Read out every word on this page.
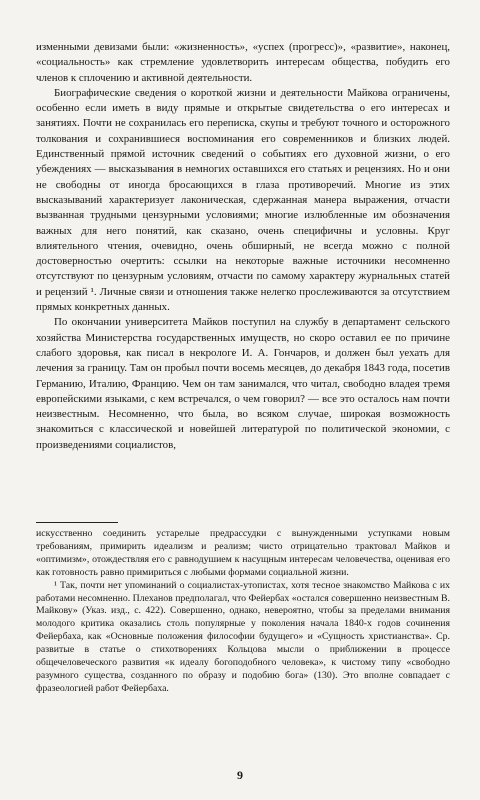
изменными девизами были: «жизненность», «успех (прогресс)», «развитие», наконец, «социальность» как стремление удовлетворить интересам общества, побудить его членов к сплочению и активной деятельности.

Биографические сведения о короткой жизни и деятельности Майкова ограничены, особенно если иметь в виду прямые и открытые свидетельства о его интересах и занятиях. Почти не сохранилась его переписка, скупы и требуют точного и осторожного толкования и сохранившиеся воспоминания его современников и близких людей. Единственный прямой источник сведений о событиях его духовной жизни, о его убеждениях — высказывания в немногих оставшихся его статьях и рецензиях. Но и они не свободны от иногда бросающихся в глаза противоречий. Многие из этих высказываний характеризует лаконическая, сдержанная манера выражения, отчасти вызванная трудными цензурными условиями; многие излюбленные им обозначения важных для него понятий, как сказано, очень специфичны и условны. Круг влиятельного чтения, очевидно, очень обширный, не всегда можно с полной достоверностью очертить: ссылки на некоторые важные источники несомненно отсутствуют по цензурным условиям, отчасти по самому характеру журнальных статей и рецензий ¹. Личные связи и отношения также нелегко прослеживаются за отсутствием прямых конкретных данных.

По окончании университета Майков поступил на службу в департамент сельского хозяйства Министерства государственных имуществ, но скоро оставил ее по причине слабого здоровья, как писал в некрологе И. А. Гончаров, и должен был уехать для лечения за границу. Там он пробыл почти восемь месяцев, до декабря 1843 года, посетив Германию, Италию, Францию. Чем он там занимался, что читал, свободно владея тремя европейскими языками, с кем встречался, о чем говорил? — все это осталось нам почти неизвестным. Несомненно, что была, во всяком случае, широкая возможность знакомиться с классической и новейшей литературой по политической экономии, с произведениями социалистов,

искусственно соединить устарелые предрассудки с вынужденными уступками новым требованиям, примирить идеализм и реализм; чисто отрицательно трактовал Майков и «оптимизм», отождествляя его с равнодушием к насущным интересам человечества, оценивая его как готовность равно примириться с любыми формами социальной жизни.

¹ Так, почти нет упоминаний о социалистах-утопистах, хотя тесное знакомство Майкова с их работами несомненно. Плеханов предполагал, что Фейербах «остался совершенно неизвестным В. Майкову» (Указ. изд., с. 422). Совершенно, однако, невероятно, чтобы за пределами внимания молодого критика оказались столь популярные у поколения начала 1840-х годов сочинения Фейербаха, как «Основные положения философии будущего» и «Сущность христианства». Ср. развитые в статье о стихотворениях Кольцова мысли о приближении в процессе общечеловеческого развития «к идеалу богоподобного человека», к чистому типу «свободно разумного существа, созданного по образу и подобию бога» (130). Это вполне совпадает с фразеологией работ Фейербаха.

9
